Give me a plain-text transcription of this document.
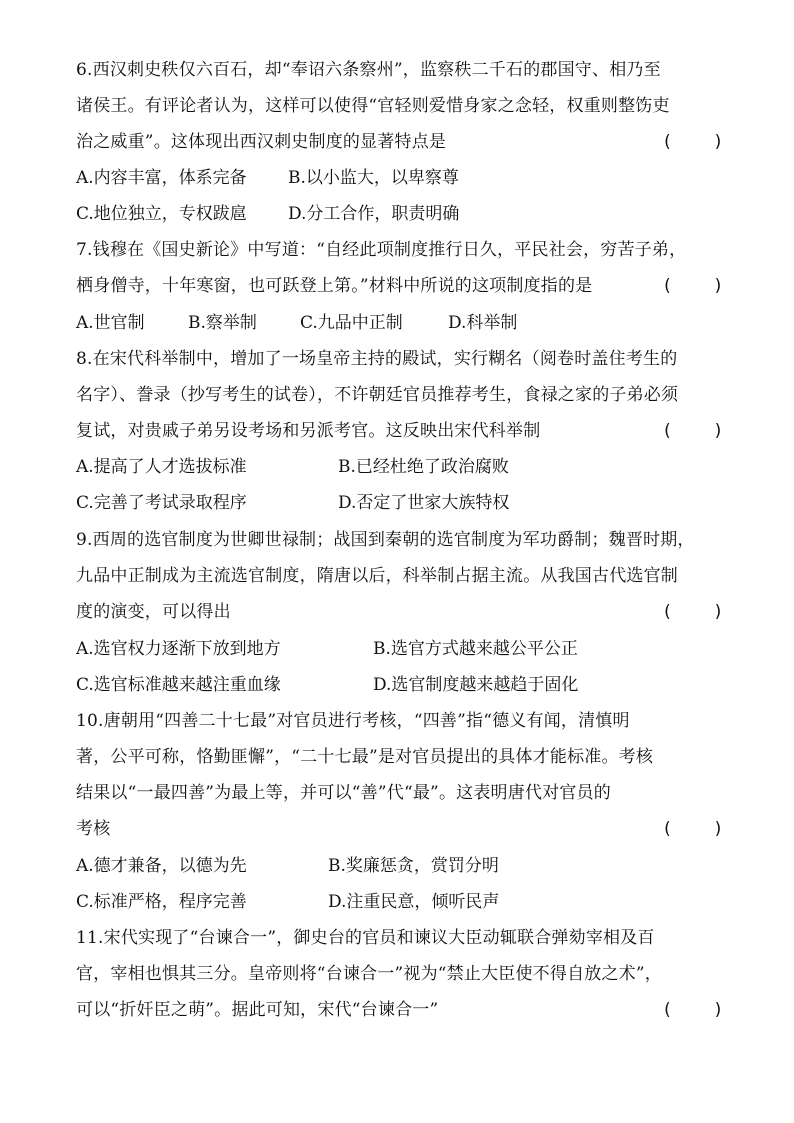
6.西汉刺史秩仅六百石，却“奉诏六条察州”，监察秩二千石的郡国守、相乃至
诸侯王。有评论者认为，这样可以使得“官轻则爱惜身家之念轻，权重则整饬吏
治之威重”。这体现出西汉刺史制度的显著特点是	(    )
A.内容丰富，体系完备 B.以小监大，以卑察尊
C.地位独立，专权跋扈 D.分工合作，职责明确
7.钱穆在《国史新论》中写道：“自经此项制度推行日久，平民社会，穷苦子弟，
栖身僧寺，十年寒窗，也可跃登上第。”材料中所说的这项制度指的是	(    )
A.世官制	B.察举制	C.九品中正制	D.科举制
8.在宋代科举制中，增加了一场皇帝主持的殿试，实行糊名（阅卷时盖住考生的
名字）、誊录（抄写考生的试卷），不许朝廷官员推荐考生，食禄之家的子弟必须
复试，对贵戚子弟另设考场和另派考官。这反映出宋代科举制	(    )
A.提高了人才选拔标准	B.已经杜绝了政治腐败
C.完善了考试录取程序	D.否定了世家大族特权
9.西周的选官制度为世卿世禄制；战国到秦朝的选官制度为军功爵制；魏晋时期，
九品中正制成为主流选官制度，隋唐以后，科举制占据主流。从我国古代选官制
度的演变，可以得出	(    )
A.选官权力逐渐下放到地方	B.选官方式越来越公平公正
C.选官标准越来越注重血缘	D.选官制度越来越趋于固化
10.唐朝用“四善二十七最”对官员进行考核，“四善”指“德义有闻，清慎明
著，公平可称，恪勤匪懈”，“二十七最”是对官员提出的具体才能标准。考核
结果以“一最四善”为最上等，并可以“善”代“最”。这表明唐代对官员的
考核	(    )
A.德才兼备，以德为先	B.奖廉惩贪，赏罚分明
C.标准严格，程序完善	D.注重民意，倾听民声
11.宋代实现了“台谏合一”，御史台的官员和谏议大臣动辄联合弹劾宰相及百
官，宰相也惧其三分。皇帝则将“台谏合一”视为“禁止大臣使不得自放之术”，
可以“折奸臣之萌”。据此可知，宋代“台谏合一”	(    )
